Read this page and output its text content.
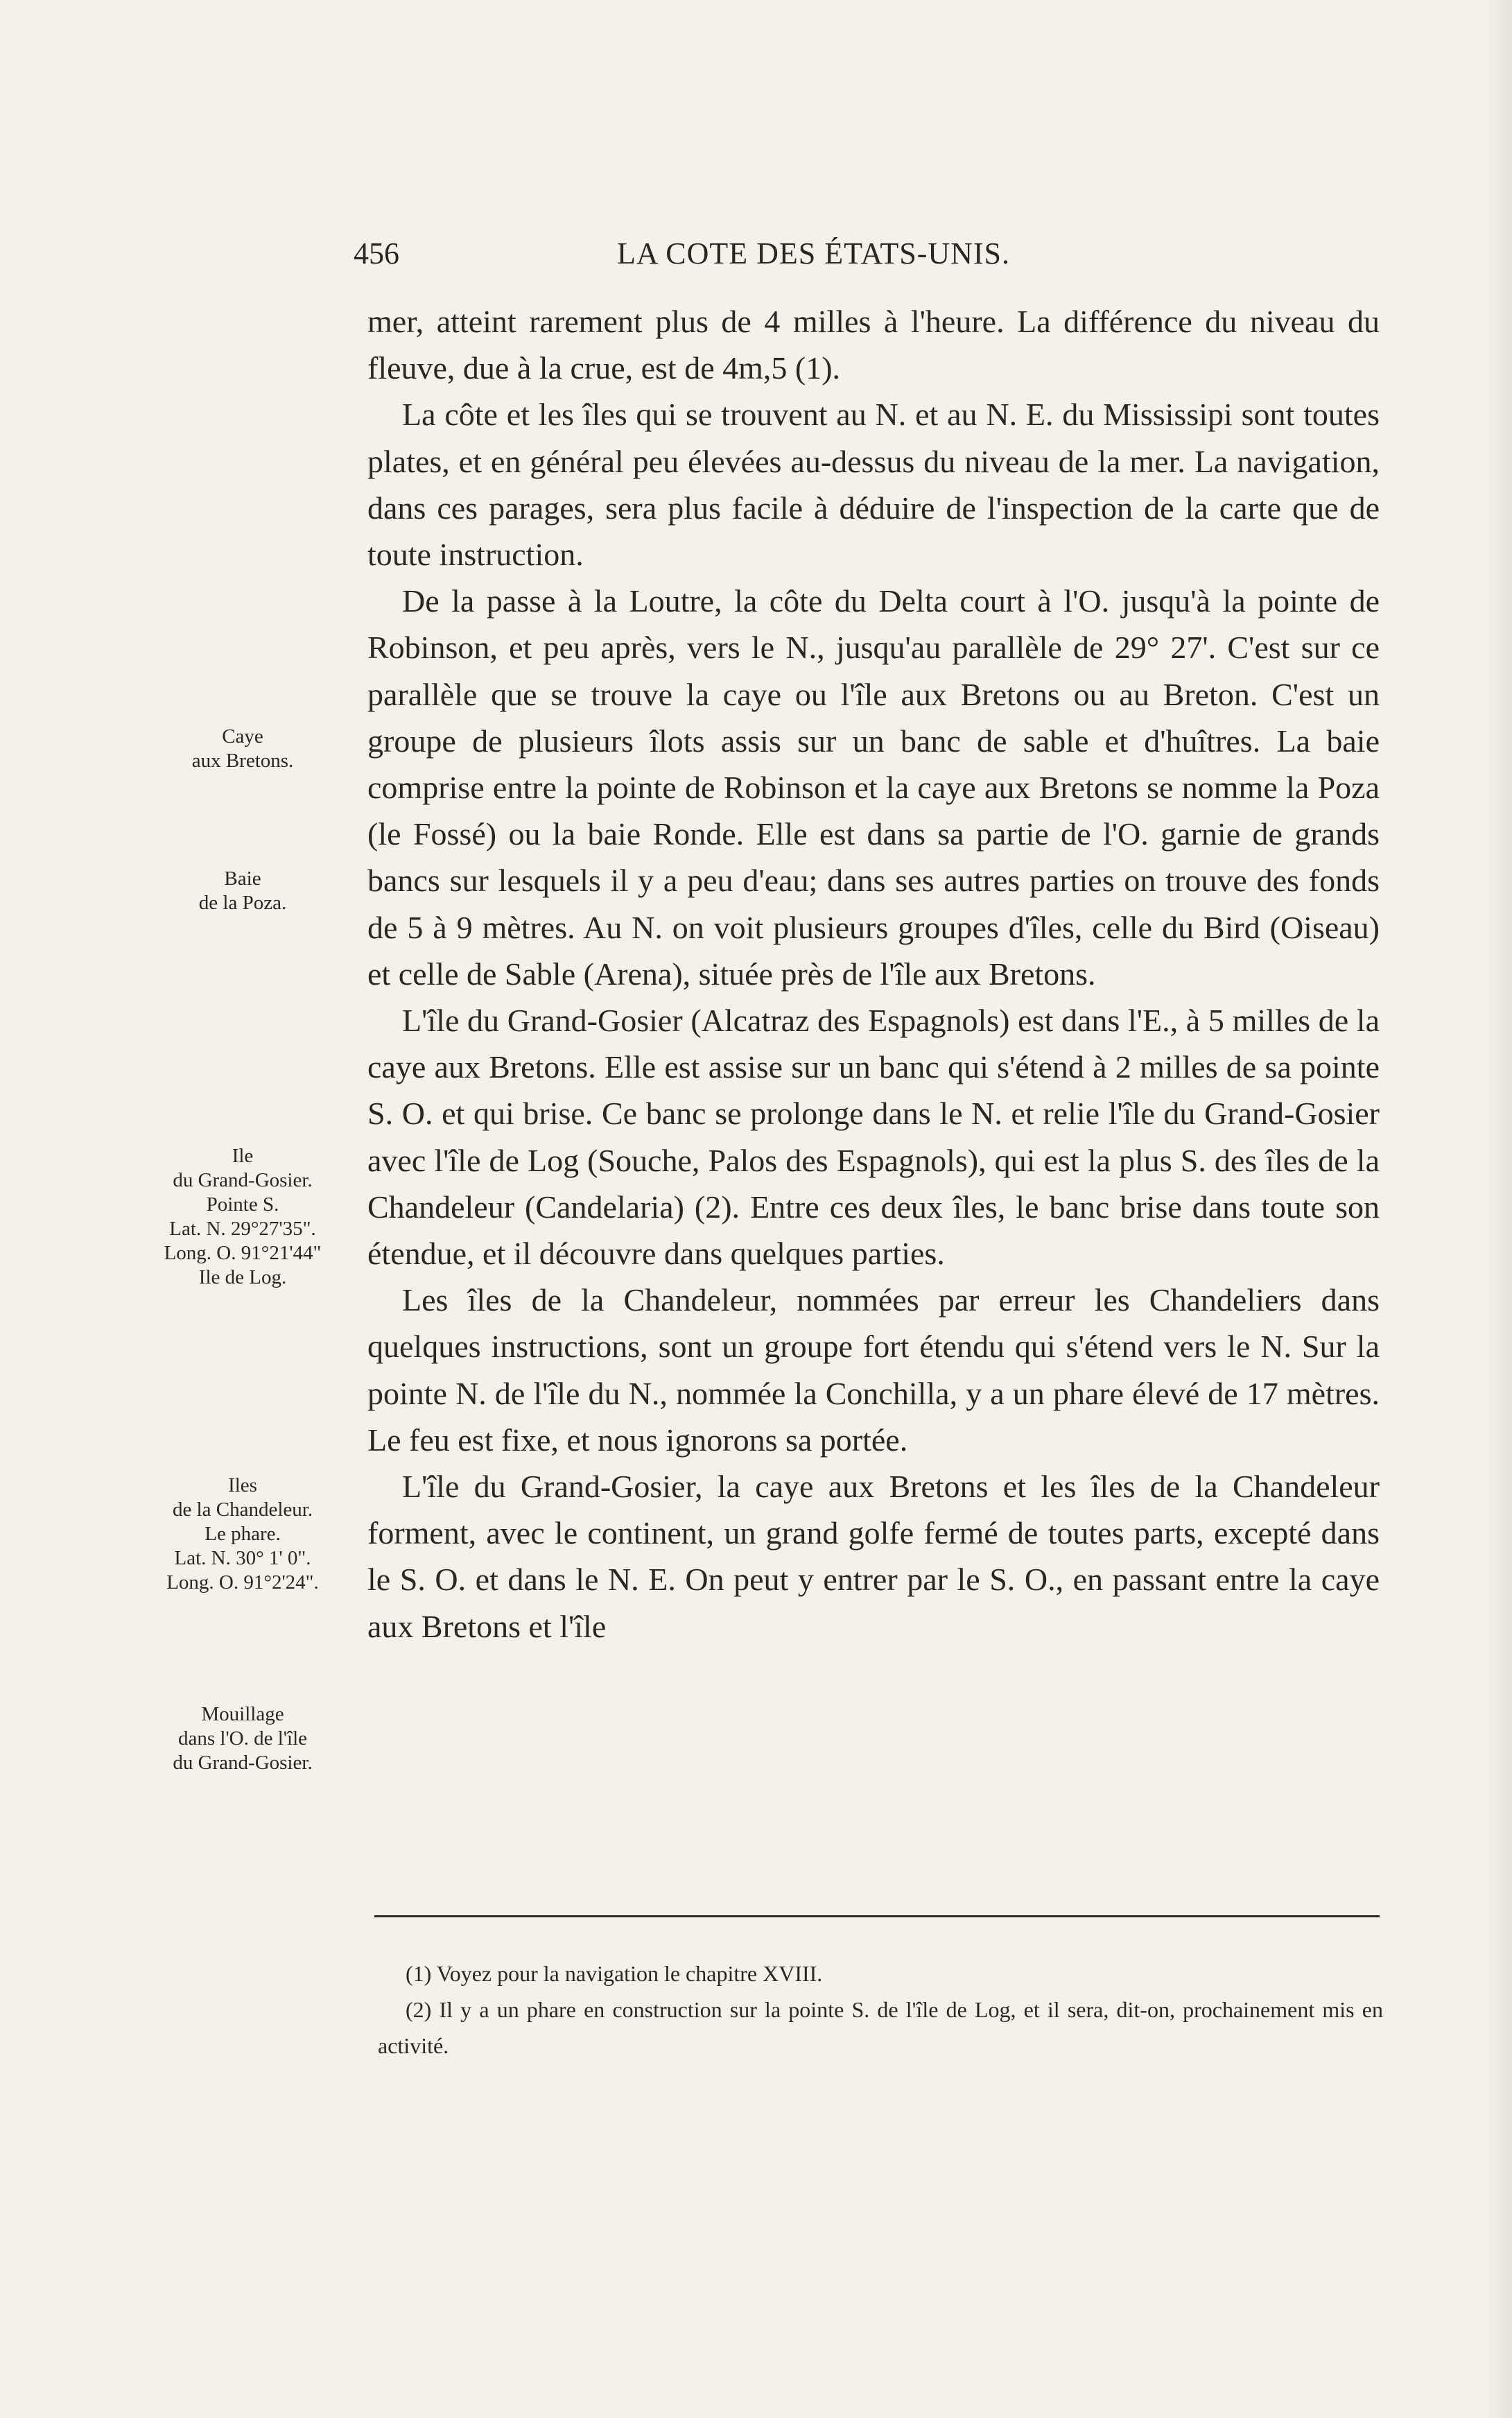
456	LA COTE DES ÉTATS-UNIS.

mer, atteint rarement plus de 4 milles à l'heure. La différence du niveau du fleuve, due à la crue, est de 4m,5 (1).

La côte et les îles qui se trouvent au N. et au N. E. du Mississipi sont toutes plates, et en général peu élevées au-dessus du niveau de la mer. La navigation, dans ces parages, sera plus facile à déduire de l'inspection de la carte que de toute instruction.

De la passe à la Loutre, la côte du Delta court à l'O. jusqu'à la pointe de Robinson, et peu après, vers le N., jusqu'au parallèle de 29° 27'. C'est sur ce parallèle que se trouve la caye ou l'île aux Bretons ou au Breton. C'est un groupe de plusieurs îlots assis sur un banc de sable et d'huîtres. La baie comprise entre la pointe de Robinson et la caye aux Bretons se nomme la Poza (le Fossé) ou la baie Ronde. Elle est dans sa partie de l'O. garnie de grands bancs sur lesquels il y a peu d'eau; dans ses autres parties on trouve des fonds de 5 à 9 mètres. Au N. on voit plusieurs groupes d'îles, celle du Bird (Oiseau) et celle de Sable (Arena), située près de l'île aux Bretons.

L'île du Grand-Gosier (Alcatraz des Espagnols) est dans l'E., à 5 milles de la caye aux Bretons. Elle est assise sur un banc qui s'étend à 2 milles de sa pointe S. O. et qui brise. Ce banc se prolonge dans le N. et relie l'île du Grand-Gosier avec l'île de Log (Souche, Palos des Espagnols), qui est la plus S. des îles de la Chandeleur (Candelaria) (2). Entre ces deux îles, le banc brise dans toute son étendue, et il découvre dans quelques parties.

Les îles de la Chandeleur, nommées par erreur les Chandeliers dans quelques instructions, sont un groupe fort étendu qui s'étend vers le N. Sur la pointe N. de l'île du N., nommée la Conchilla, y a un phare élevé de 17 mètres. Le feu est fixe, et nous ignorons sa portée.

L'île du Grand-Gosier, la caye aux Bretons et les îles de la Chandeleur forment, avec le continent, un grand golfe fermé de toutes parts, excepté dans le S. O. et dans le N. E. On peut y entrer par le S. O., en passant entre la caye aux Bretons et l'île

Caye
aux Bretons.
Baie
de la Poza.
Ile
du Grand-Gosier.
Pointe S.
Lat. N. 29°27'35".
Long. O. 91°21'44"
Ile de Log.
Iles
de la Chandeleur.
Le phare.
Lat. N. 30° 1' 0".
Long. O. 91°2'24".
Mouillage
dans l'O. de l'île
du Grand-Gosier.

(1) Voyez pour la navigation le chapitre XVIII.

(2) Il y a un phare en construction sur la pointe S. de l'île de Log, et il sera, dit-on, prochainement mis en activité.
